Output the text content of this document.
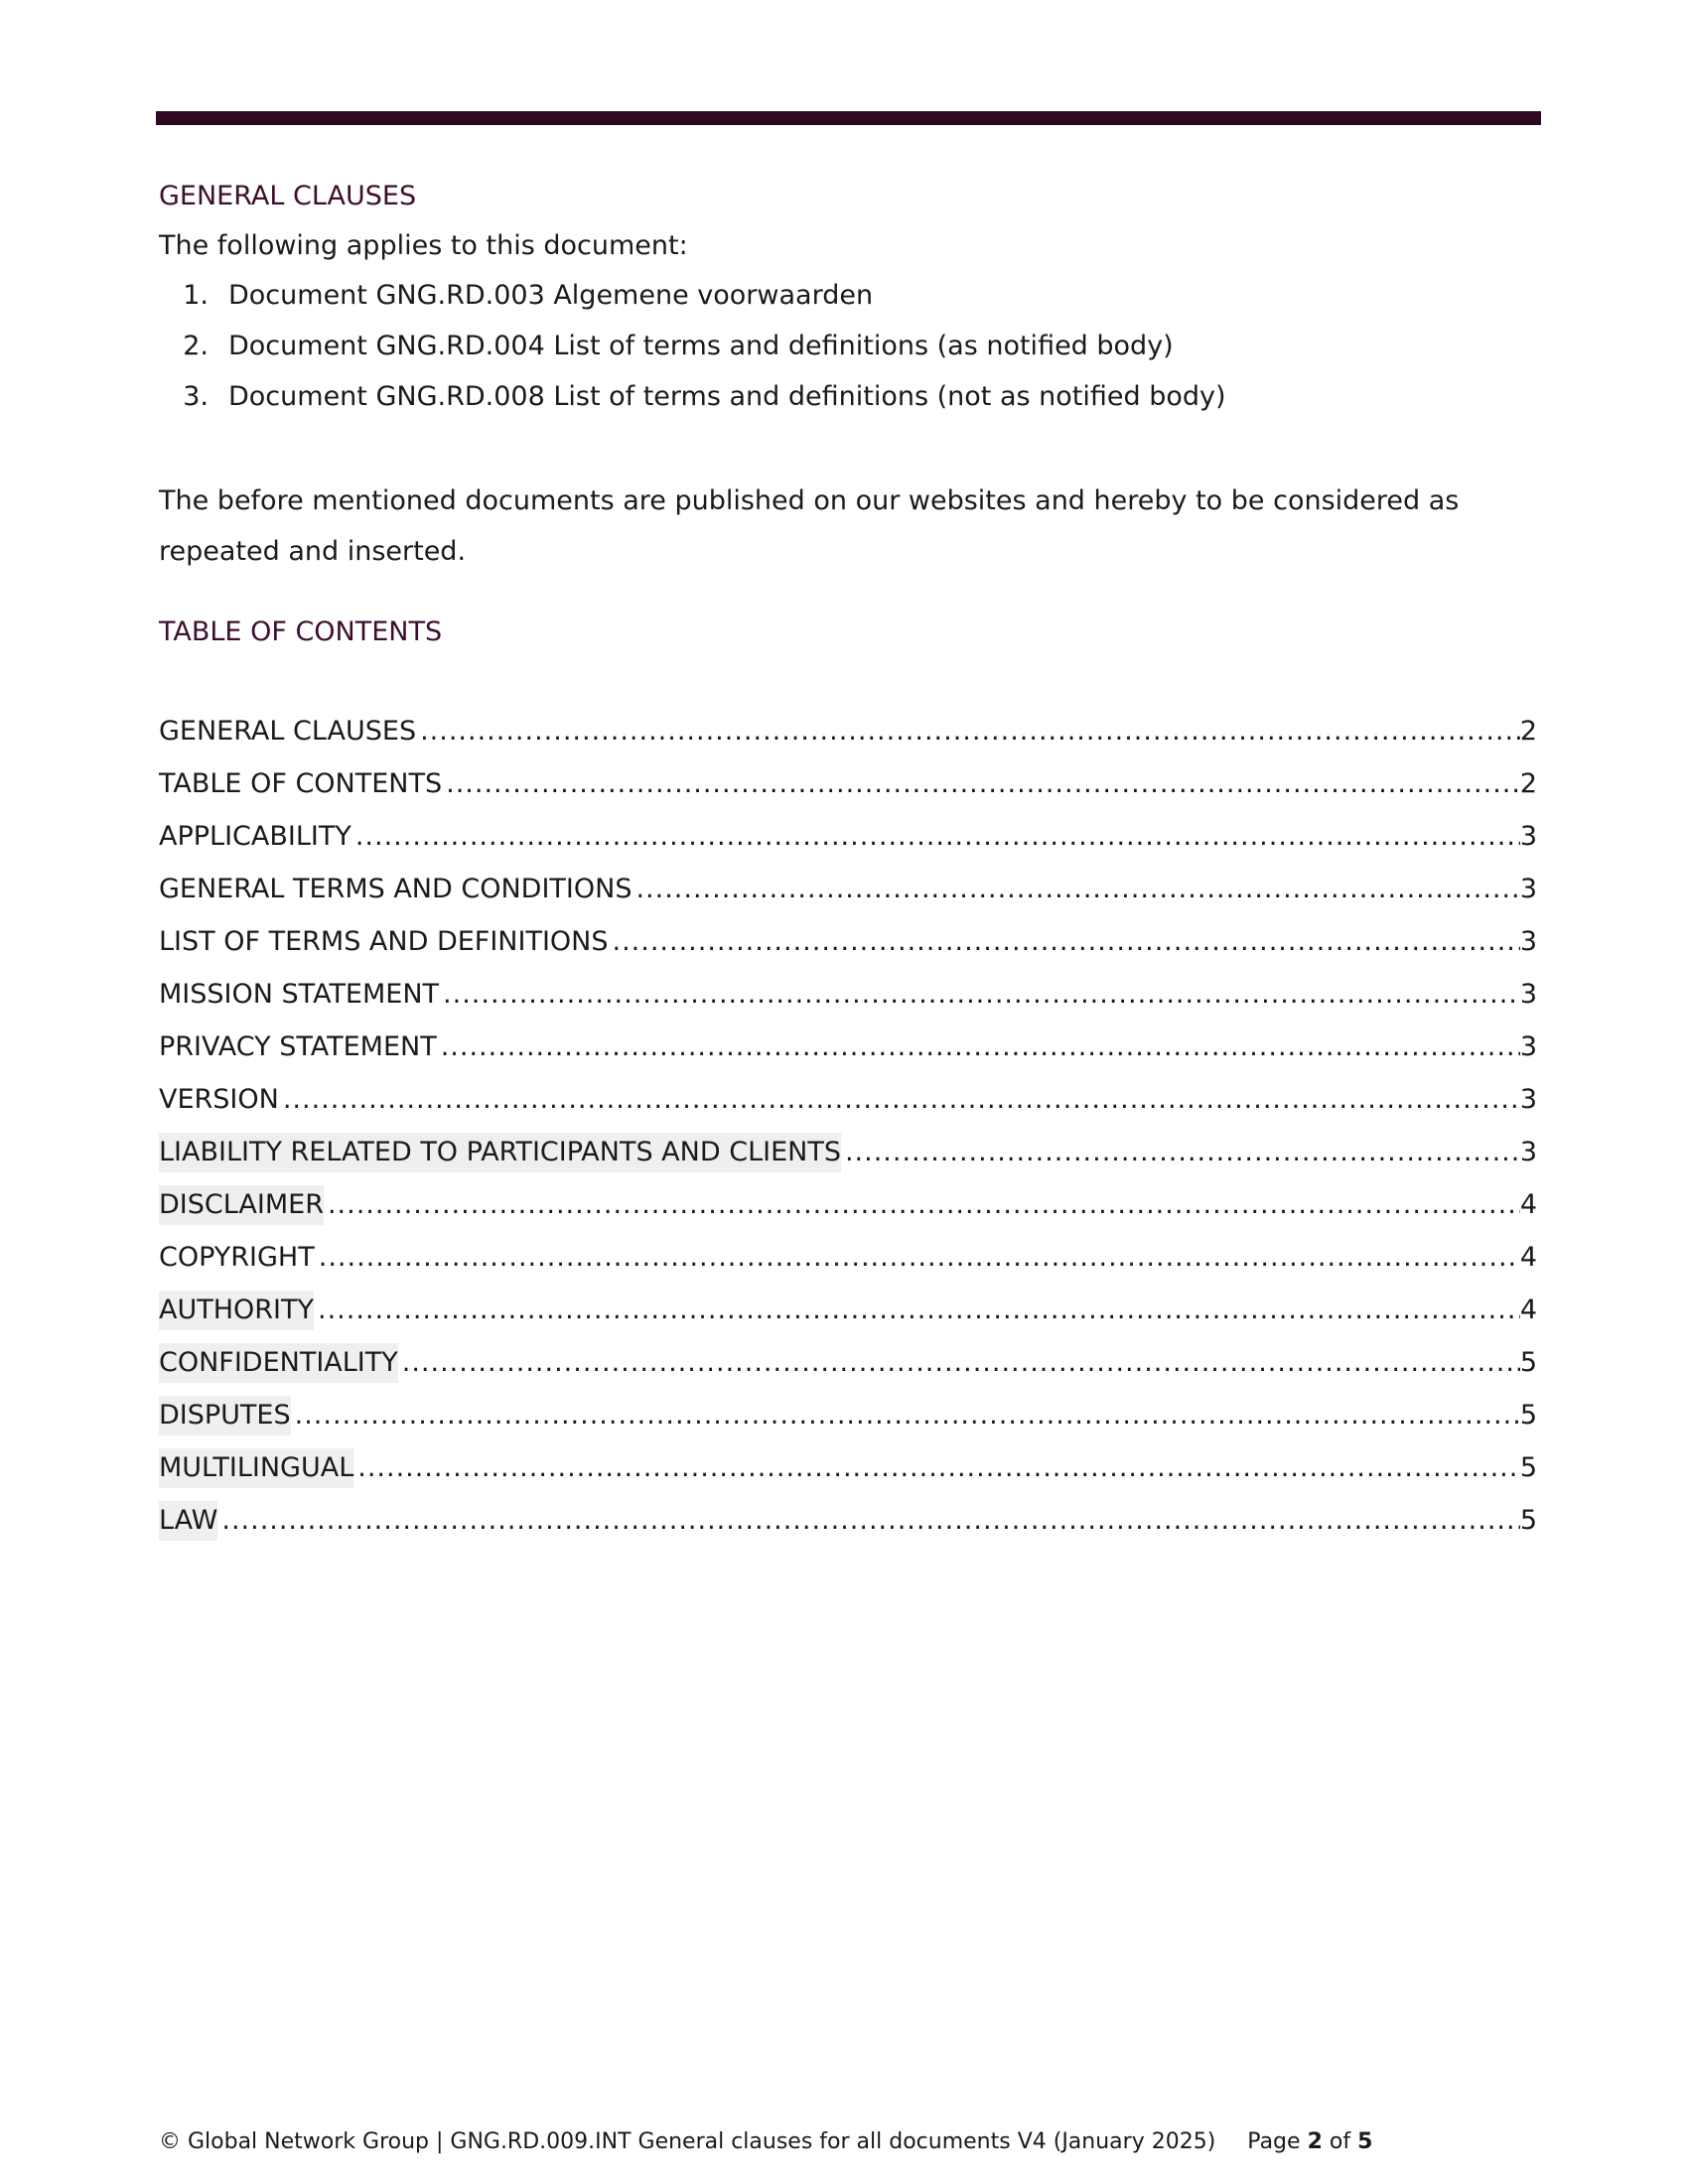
GENERAL CLAUSES

The following applies to this document:

1. Document GNG.RD.003 Algemene voorwaarden
2. Document GNG.RD.004 List of terms and definitions (as notified body)
3. Document GNG.RD.008 List of terms and definitions (not as notified body)

The before mentioned documents are published on our websites and hereby to be considered as repeated and inserted.

TABLE OF CONTENTS
GENERAL CLAUSES .....	2
TABLE OF CONTENTS .....	2
APPLICABILITY .....	3
GENERAL TERMS AND CONDITIONS .....	3
LIST OF TERMS AND DEFINITIONS .....	3
MISSION STATEMENT .....	3
PRIVACY STATEMENT .....	3
VERSION .....	3
LIABILITY RELATED TO PARTICIPANTS AND CLIENTS .....	3
DISCLAIMER .....	4
COPYRIGHT .....	4
AUTHORITY .....	4
CONFIDENTIALITY .....	5
DISPUTES .....	5
MULTILINGUAL .....	5
LAW .....	5
© Global Network Group | GNG.RD.009.INT General clauses for all documents V4 (January 2025) Page 2 of 5
